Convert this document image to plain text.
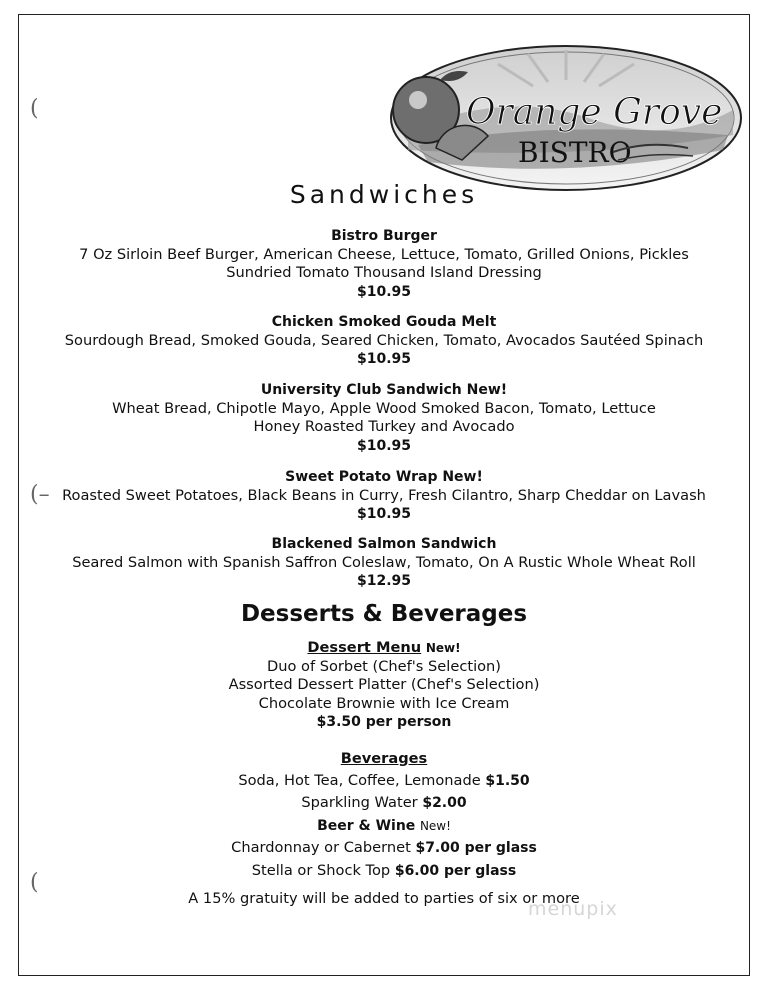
(
(–
(
Orange Grove
BISTRO
Sandwiches
Bistro Burger
7 Oz Sirloin Beef Burger, American Cheese, Lettuce, Tomato, Grilled Onions, Pickles
Sundried Tomato Thousand Island Dressing
$10.95
Chicken Smoked Gouda Melt
Sourdough Bread, Smoked Gouda, Seared Chicken, Tomato, Avocados Sautéed Spinach
$10.95
University Club Sandwich New!
Wheat Bread, Chipotle Mayo, Apple Wood Smoked Bacon, Tomato, Lettuce
Honey Roasted Turkey and Avocado
$10.95
Sweet Potato Wrap New!
Roasted Sweet Potatoes, Black Beans in Curry, Fresh Cilantro, Sharp Cheddar on Lavash
$10.95
Blackened Salmon Sandwich
Seared Salmon with Spanish Saffron Coleslaw, Tomato, On A Rustic Whole Wheat Roll
$12.95
Desserts & Beverages
Dessert Menu New!
Duo of Sorbet (Chef's Selection)
Assorted Dessert Platter (Chef's Selection)
Chocolate Brownie with Ice Cream
$3.50 per person
Beverages
Soda, Hot Tea, Coffee, Lemonade $1.50
Sparkling Water $2.00
Beer & Wine New!
Chardonnay or Cabernet $7.00 per glass
Stella or Shock Top $6.00 per glass
A 15% gratuity will be added to parties of six or more
menupix
